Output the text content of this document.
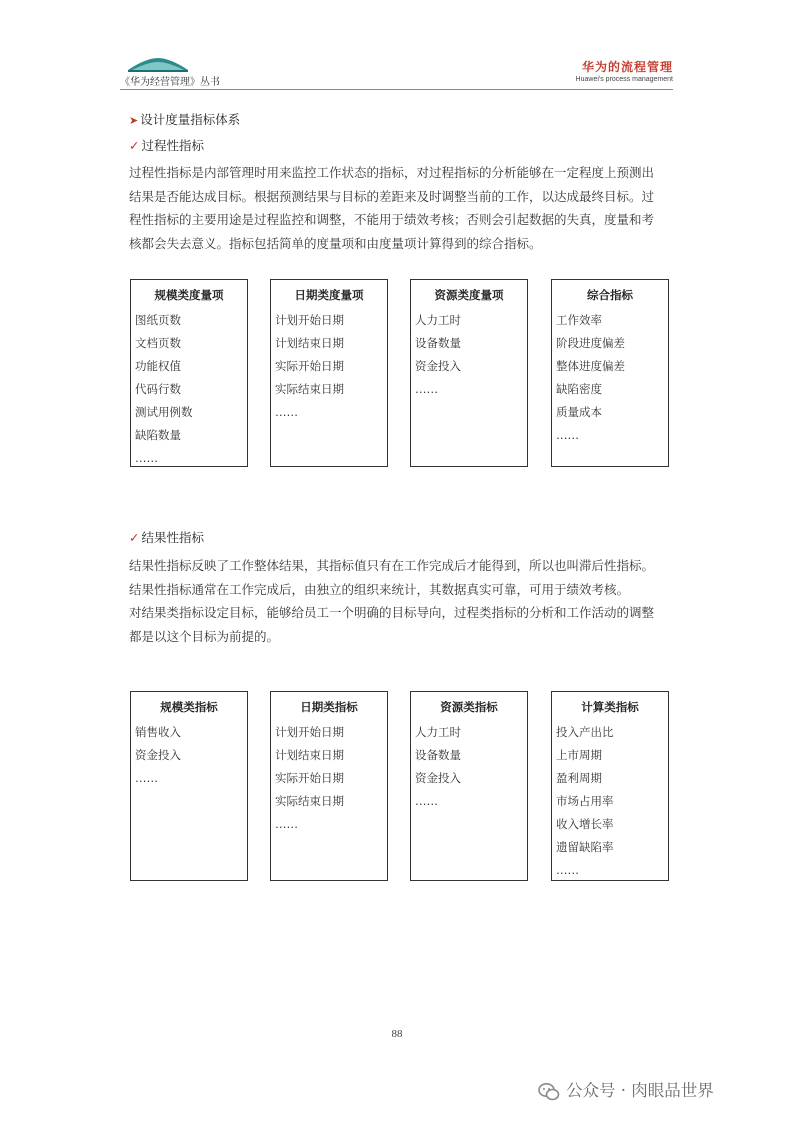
《华为经营管理》丛书
华为的流程管理
Huawei's process management
➤ 设计度量指标体系
✓ 过程性指标
过程性指标是内部管理时用来监控工作状态的指标，对过程指标的分析能够在一定程度上预测出
结果是否能达成目标。根据预测结果与目标的差距来及时调整当前的工作，以达成最终目标。过
程性指标的主要用途是过程监控和调整，不能用于绩效考核；否则会引起数据的失真，度量和考
核都会失去意义。指标包括简单的度量项和由度量项计算得到的综合指标。
规模类度量项
图纸页数
文档页数
功能权值
代码行数
测试用例数
缺陷数量
……
日期类度量项
计划开始日期
计划结束日期
实际开始日期
实际结束日期
……
资源类度量项
人力工时
设备数量
资金投入
……
综合指标
工作效率
阶段进度偏差
整体进度偏差
缺陷密度
质量成本
……
✓ 结果性指标
结果性指标反映了工作整体结果，其指标值只有在工作完成后才能得到，所以也叫滞后性指标。
结果性指标通常在工作完成后，由独立的组织来统计，其数据真实可靠，可用于绩效考核。
对结果类指标设定目标，能够给员工一个明确的目标导向，过程类指标的分析和工作活动的调整
都是以这个目标为前提的。
规模类指标
销售收入
资金投入
……
日期类指标
计划开始日期
计划结束日期
实际开始日期
实际结束日期
……
资源类指标
人力工时
设备数量
资金投入
……
计算类指标
投入产出比
上市周期
盈利周期
市场占用率
收入增长率
遗留缺陷率
……
88
公众号 · 肉眼品世界
